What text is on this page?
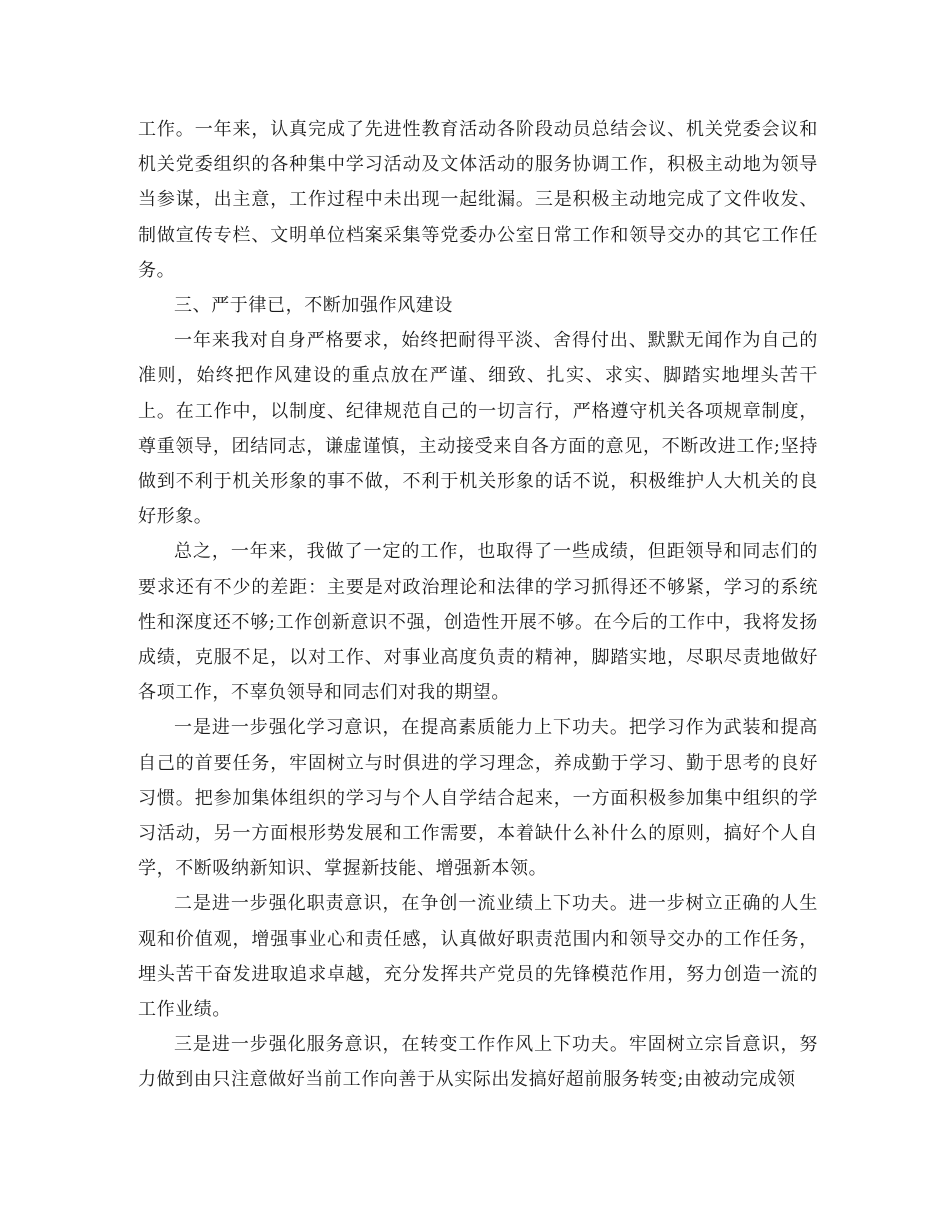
工作。一年来，认真完成了先进性教育活动各阶段动员总结会议、机关党委会议和机关党委组织的各种集中学习活动及文体活动的服务协调工作，积极主动地为领导当参谋，出主意，工作过程中未出现一起纰漏。三是积极主动地完成了文件收发、制做宣传专栏、文明单位档案采集等党委办公室日常工作和领导交办的其它工作任务。

三、严于律已，不断加强作风建设

一年来我对自身严格要求，始终把耐得平淡、舍得付出、默默无闻作为自己的准则，始终把作风建设的重点放在严谨、细致、扎实、求实、脚踏实地埋头苦干上。在工作中，以制度、纪律规范自己的一切言行，严格遵守机关各项规章制度，尊重领导，团结同志，谦虚谨慎，主动接受来自各方面的意见，不断改进工作;坚持做到不利于机关形象的事不做，不利于机关形象的话不说，积极维护人大机关的良好形象。

总之，一年来，我做了一定的工作，也取得了一些成绩，但距领导和同志们的要求还有不少的差距：主要是对政治理论和法律的学习抓得还不够紧，学习的系统性和深度还不够;工作创新意识不强，创造性开展不够。在今后的工作中，我将发扬成绩，克服不足，以对工作、对事业高度负责的精神，脚踏实地，尽职尽责地做好各项工作，不辜负领导和同志们对我的期望。

一是进一步强化学习意识，在提高素质能力上下功夫。把学习作为武装和提高自己的首要任务，牢固树立与时俱进的学习理念，养成勤于学习、勤于思考的良好习惯。把参加集体组织的学习与个人自学结合起来，一方面积极参加集中组织的学习活动，另一方面根形势发展和工作需要，本着缺什么补什么的原则，搞好个人自学，不断吸纳新知识、掌握新技能、增强新本领。

二是进一步强化职责意识，在争创一流业绩上下功夫。进一步树立正确的人生观和价值观，增强事业心和责任感，认真做好职责范围内和领导交办的工作任务，埋头苦干奋发进取追求卓越，充分发挥共产党员的先锋模范作用，努力创造一流的工作业绩。

三是进一步强化服务意识，在转变工作作风上下功夫。牢固树立宗旨意识，努力做到由只注意做好当前工作向善于从实际出发搞好超前服务转变;由被动完成领
